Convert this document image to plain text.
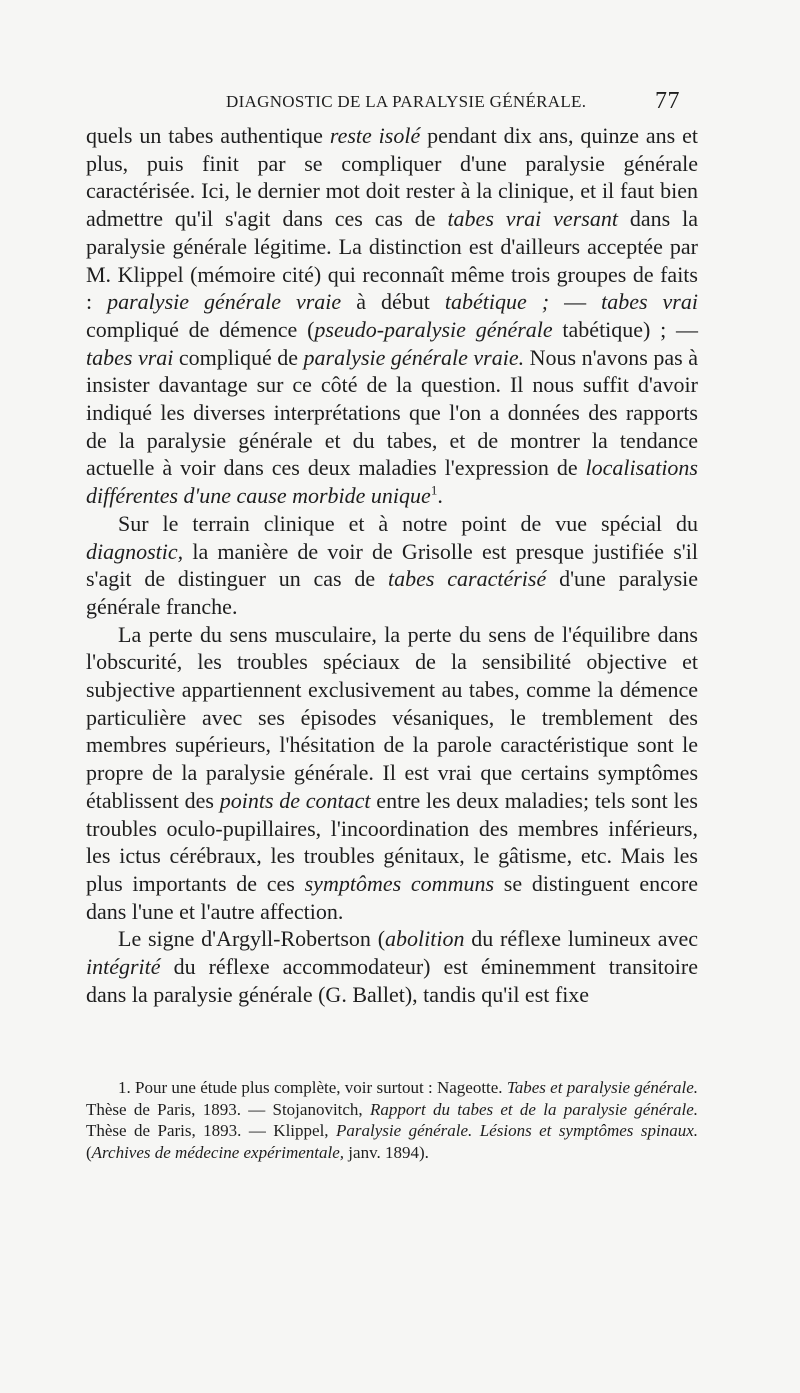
DIAGNOSTIC DE LA PARALYSIE GÉNÉRALE.	77

quels un tabes authentique reste isolé pendant dix ans, quinze ans et plus, puis finit par se compliquer d'une paralysie générale caractérisée. Ici, le dernier mot doit rester à la clinique, et il faut bien admettre qu'il s'agit dans ces cas de tabes vrai versant dans la paralysie générale légitime. La distinction est d'ailleurs acceptée par M. Klippel (mémoire cité) qui reconnaît même trois groupes de faits : paralysie générale vraie à début tabétique ; — tabes vrai compliqué de démence (pseudo-paralysie générale tabétique) ; — tabes vrai compliqué de paralysie générale vraie. Nous n'avons pas à insister davantage sur ce côté de la question. Il nous suffit d'avoir indiqué les diverses interprétations que l'on a données des rapports de la paralysie générale et du tabes, et de montrer la tendance actuelle à voir dans ces deux maladies l'expression de localisations différentes d'une cause morbide unique$^1$.

Sur le terrain clinique et à notre point de vue spécial du diagnostic, la manière de voir de Grisolle est presque justifiée s'il s'agit de distinguer un cas de tabes caractérisé d'une paralysie générale franche.

La perte du sens musculaire, la perte du sens de l'équilibre dans l'obscurité, les troubles spéciaux de la sensibilité objective et subjective appartiennent exclusivement au tabes, comme la démence particulière avec ses épisodes vésaniques, le tremblement des membres supérieurs, l'hésitation de la parole caractéristique sont le propre de la paralysie générale. Il est vrai que certains symptômes établissent des points de contact entre les deux maladies; tels sont les troubles oculo-pupillaires, l'incoordination des membres inférieurs, les ictus cérébraux, les troubles génitaux, le gâtisme, etc. Mais les plus importants de ces symptômes communs se distinguent encore dans l'une et l'autre affection.

Le signe d'Argyll-Robertson (abolition du réflexe lumineux avec intégrité du réflexe accommodateur) est éminemment transitoire dans la paralysie générale (G. Ballet), tandis qu'il est fixe

1. Pour une étude plus complète, voir surtout : Nageotte. Tabes et paralysie générale. Thèse de Paris, 1893. — Stojanovitch, Rapport du tabes et de la paralysie générale. Thèse de Paris, 1893. — Klippel, Paralysie générale. Lésions et symptômes spinaux. (Archives de médecine expérimentale, janv. 1894).
